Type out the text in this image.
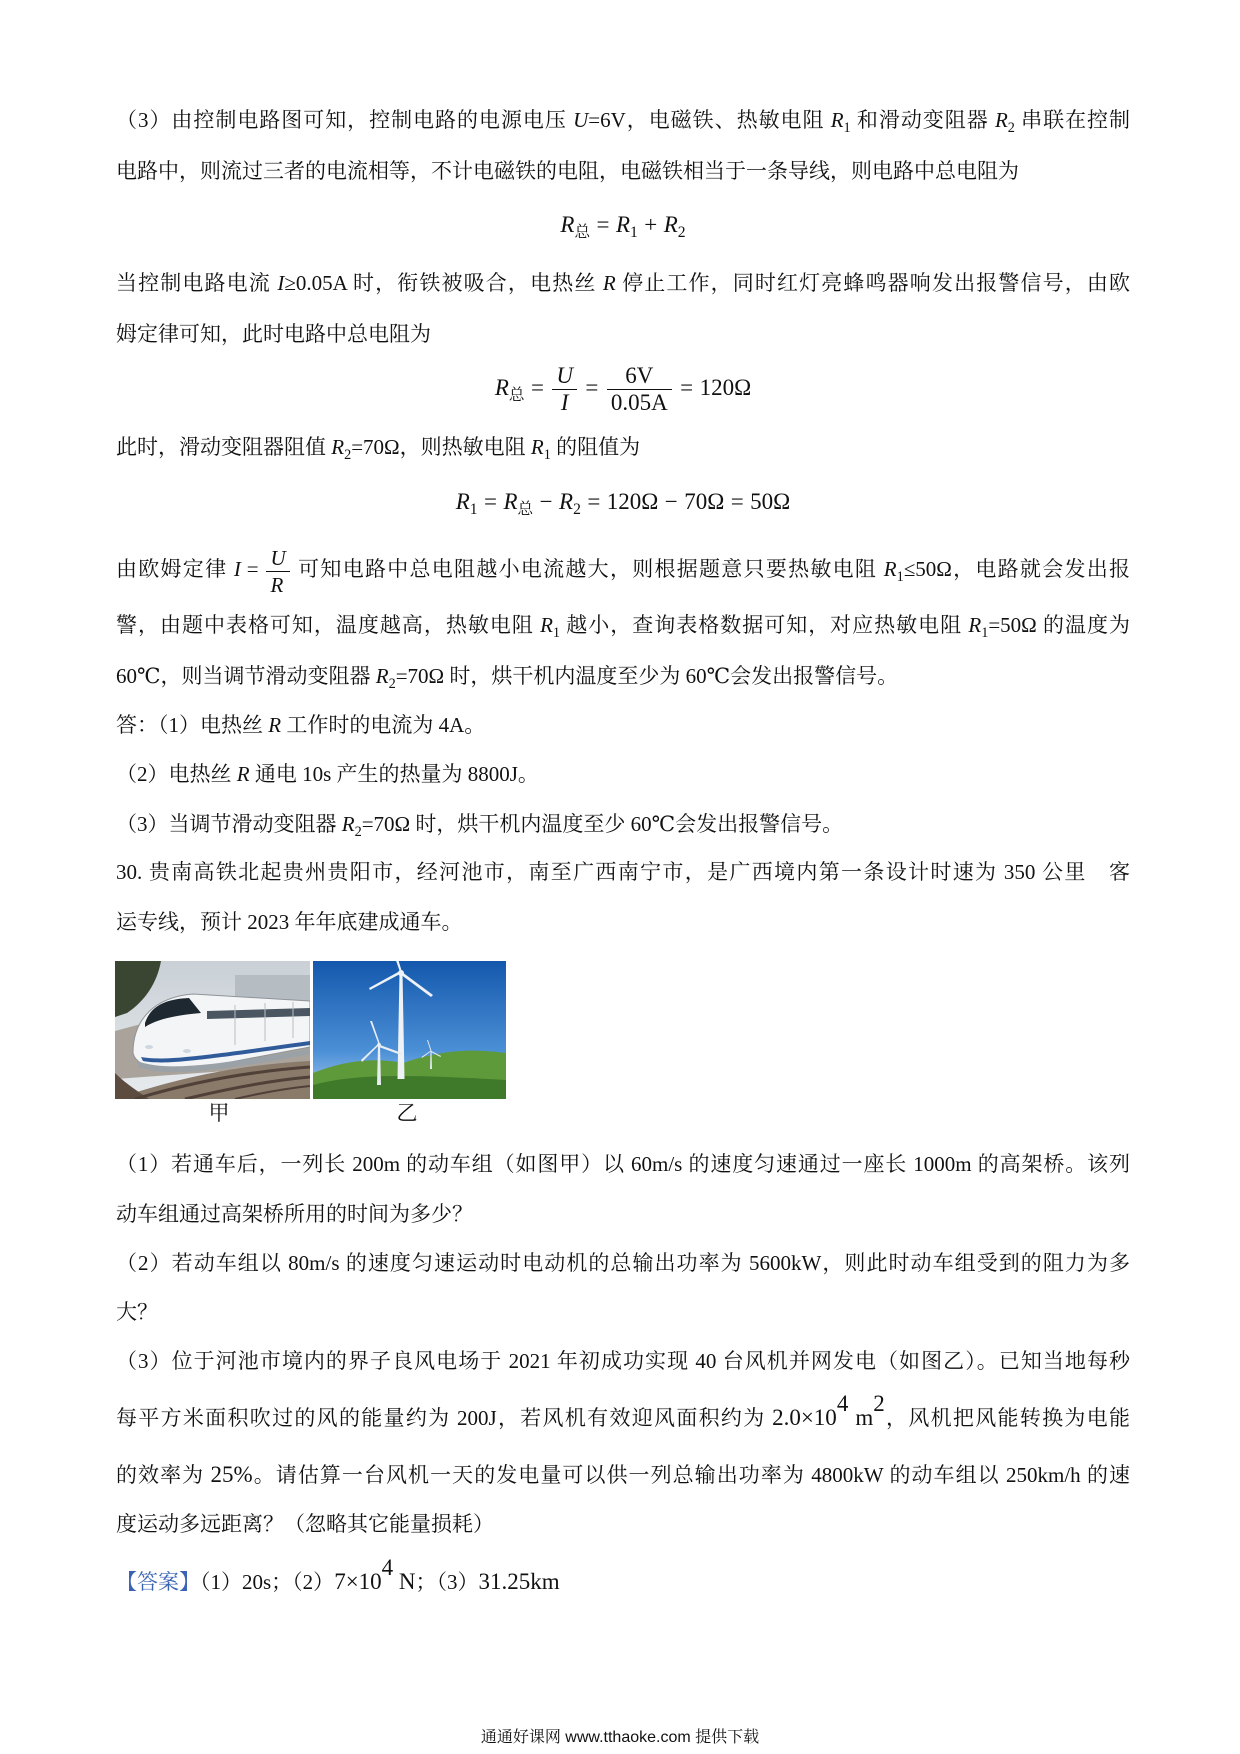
（3）由控制电路图可知，控制电路的电源电压 U=6V，电磁铁、热敏电阻 $R_1$ 和滑动变阻器 $R_2$ 串联在控制
电路中，则流过三者的电流相等，不计电磁铁的电阻，电磁铁相当于一条导线，则电路中总电阻为
$R_总 = R_1 + R_2$
当控制电路电流 I≥0.05A 时，衔铁被吸合，电热丝 R 停止工作，同时红灯亮蜂鸣器响发出报警信号，由欧
姆定律可知，此时电路中总电阻为
$R_总 = \frac{U}{I} = \frac{6V}{0.05A} = 120\Omega$
此时，滑动变阻器阻值 $R_2=70\Omega$，则热敏电阻 $R_1$ 的阻值为
$R_1 = R_总 - R_2 = 120\Omega - 70\Omega = 50\Omega$
由欧姆定律 $I = \frac{U}{R}$ 可知电路中总电阻越小电流越大，则根据题意只要热敏电阻 $R_1\le 50\Omega$，电路就会发出报
警，由题中表格可知，温度越高，热敏电阻 $R_1$ 越小，查询表格数据可知，对应热敏电阻 $R_1=50\Omega$ 的温度为
60℃，则当调节滑动变阻器 $R_2=70\Omega$ 时，烘干机内温度至少为 60℃会发出报警信号。
答：（1）电热丝 R 工作时的电流为 4A。
（2）电热丝 R 通电 10s 产生的热量为 8800J。
（3）当调节滑动变阻器 $R_2=70\Omega$ 时，烘干机内温度至少 60℃会发出报警信号。
30. 贵南高铁北起贵州贵阳市，经河池市，南至广西南宁市，是广西境内第一条设计时速为 350 公里　客
运专线，预计 2023 年年底建成通车。
甲	乙
（1）若通车后，一列长 200m 的动车组（如图甲）以 60m/s 的速度匀速通过一座长 1000m 的高架桥。该列
动车组通过高架桥所用的时间为多少？
（2）若动车组以 80m/s 的速度匀速运动时电动机的总输出功率为 5600kW，则此时动车组受到的阻力为多
大？
（3）位于河池市境内的界子良风电场于 2021 年初成功实现 40 台风机并网发电（如图乙）。已知当地每秒
每平方米面积吹过的风的能量约为 200J，若风机有效迎风面积约为 2.0×104 m2，风机把风能转换为电能
的效率为 25%。请估算一台风机一天的发电量可以供一列总输出功率为 4800kW 的动车组以 250km/h 的速
度运动多远距离？（忽略其它能量损耗）
【答案】（1）20s；（2）7×104 N；（3）31.25km
通通好课网 www.tthaoke.com 提供下载
